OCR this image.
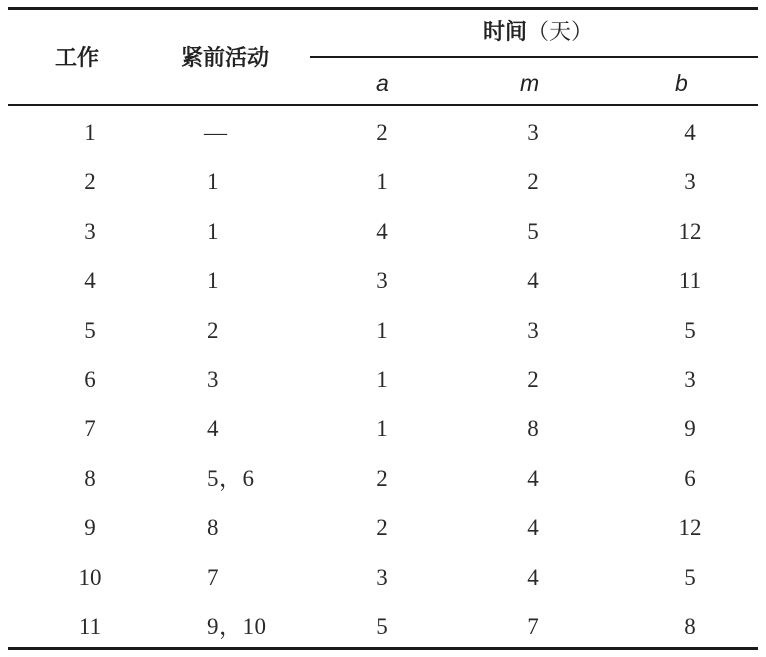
工作	紧前活动
时间（天）
a	m	b
1	—	2	3	4
2	1	1	2	3
3	1	4	5	12
4	1	3	4	11
5	2	1	3	5
6	3	1	2	3
7	4	1	8	9
8	5，6	2	4	6
9	8	2	4	12
10	7	3	4	5
11	9，10	5	7	8
